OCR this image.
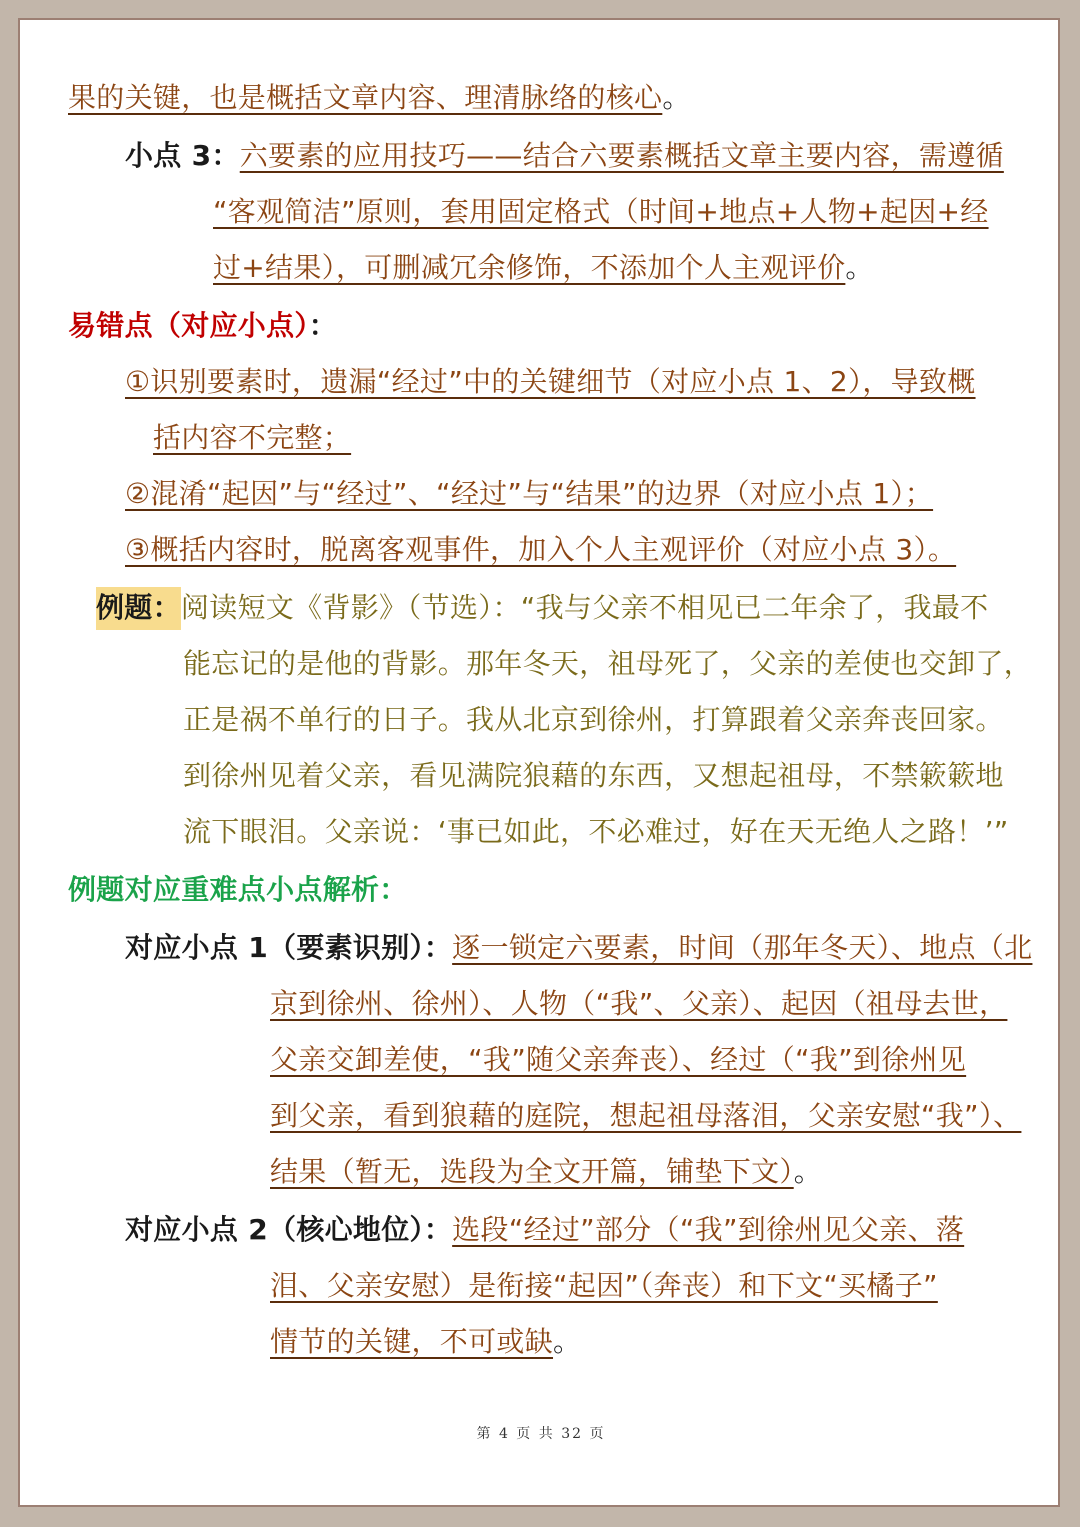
果的关键，也是概括文章内容、理清脉络的核心。
小点 3：六要素的应用技巧——结合六要素概括文章主要内容，需遵循
“客观简洁”原则，套用固定格式（时间+地点+人物+起因+经
过+结果），可删减冗余修饰，不添加个人主观评价。
易错点（对应小点）：
①识别要素时，遗漏“经过”中的关键细节（对应小点 1、2），导致概
括内容不完整；
②混淆“起因”与“经过”、“经过”与“结果”的边界（对应小点 1）；
③概括内容时，脱离客观事件，加入个人主观评价（对应小点 3）。
例题：阅读短文《背影》（节选）：“我与父亲不相见已二年余了，我最不
能忘记的是他的背影。那年冬天，祖母死了，父亲的差使也交卸了，
正是祸不单行的日子。我从北京到徐州，打算跟着父亲奔丧回家。
到徐州见着父亲，看见满院狼藉的东西，又想起祖母，不禁簌簌地
流下眼泪。父亲说：‘事已如此，不必难过，好在天无绝人之路！’”
例题对应重难点小点解析：
对应小点 1（要素识别）：逐一锁定六要素，时间（那年冬天）、地点（北
京到徐州、徐州）、人物（“我”、父亲）、起因（祖母去世，
父亲交卸差使，“我”随父亲奔丧）、经过（“我”到徐州见
到父亲，看到狼藉的庭院，想起祖母落泪，父亲安慰“我”）、
结果（暂无，选段为全文开篇，铺垫下文）。
对应小点 2（核心地位）：选段“经过”部分（“我”到徐州见父亲、落
泪、父亲安慰）是衔接“起因”（奔丧）和下文“买橘子”
情节的关键，不可或缺。
第 4 页 共 32 页
